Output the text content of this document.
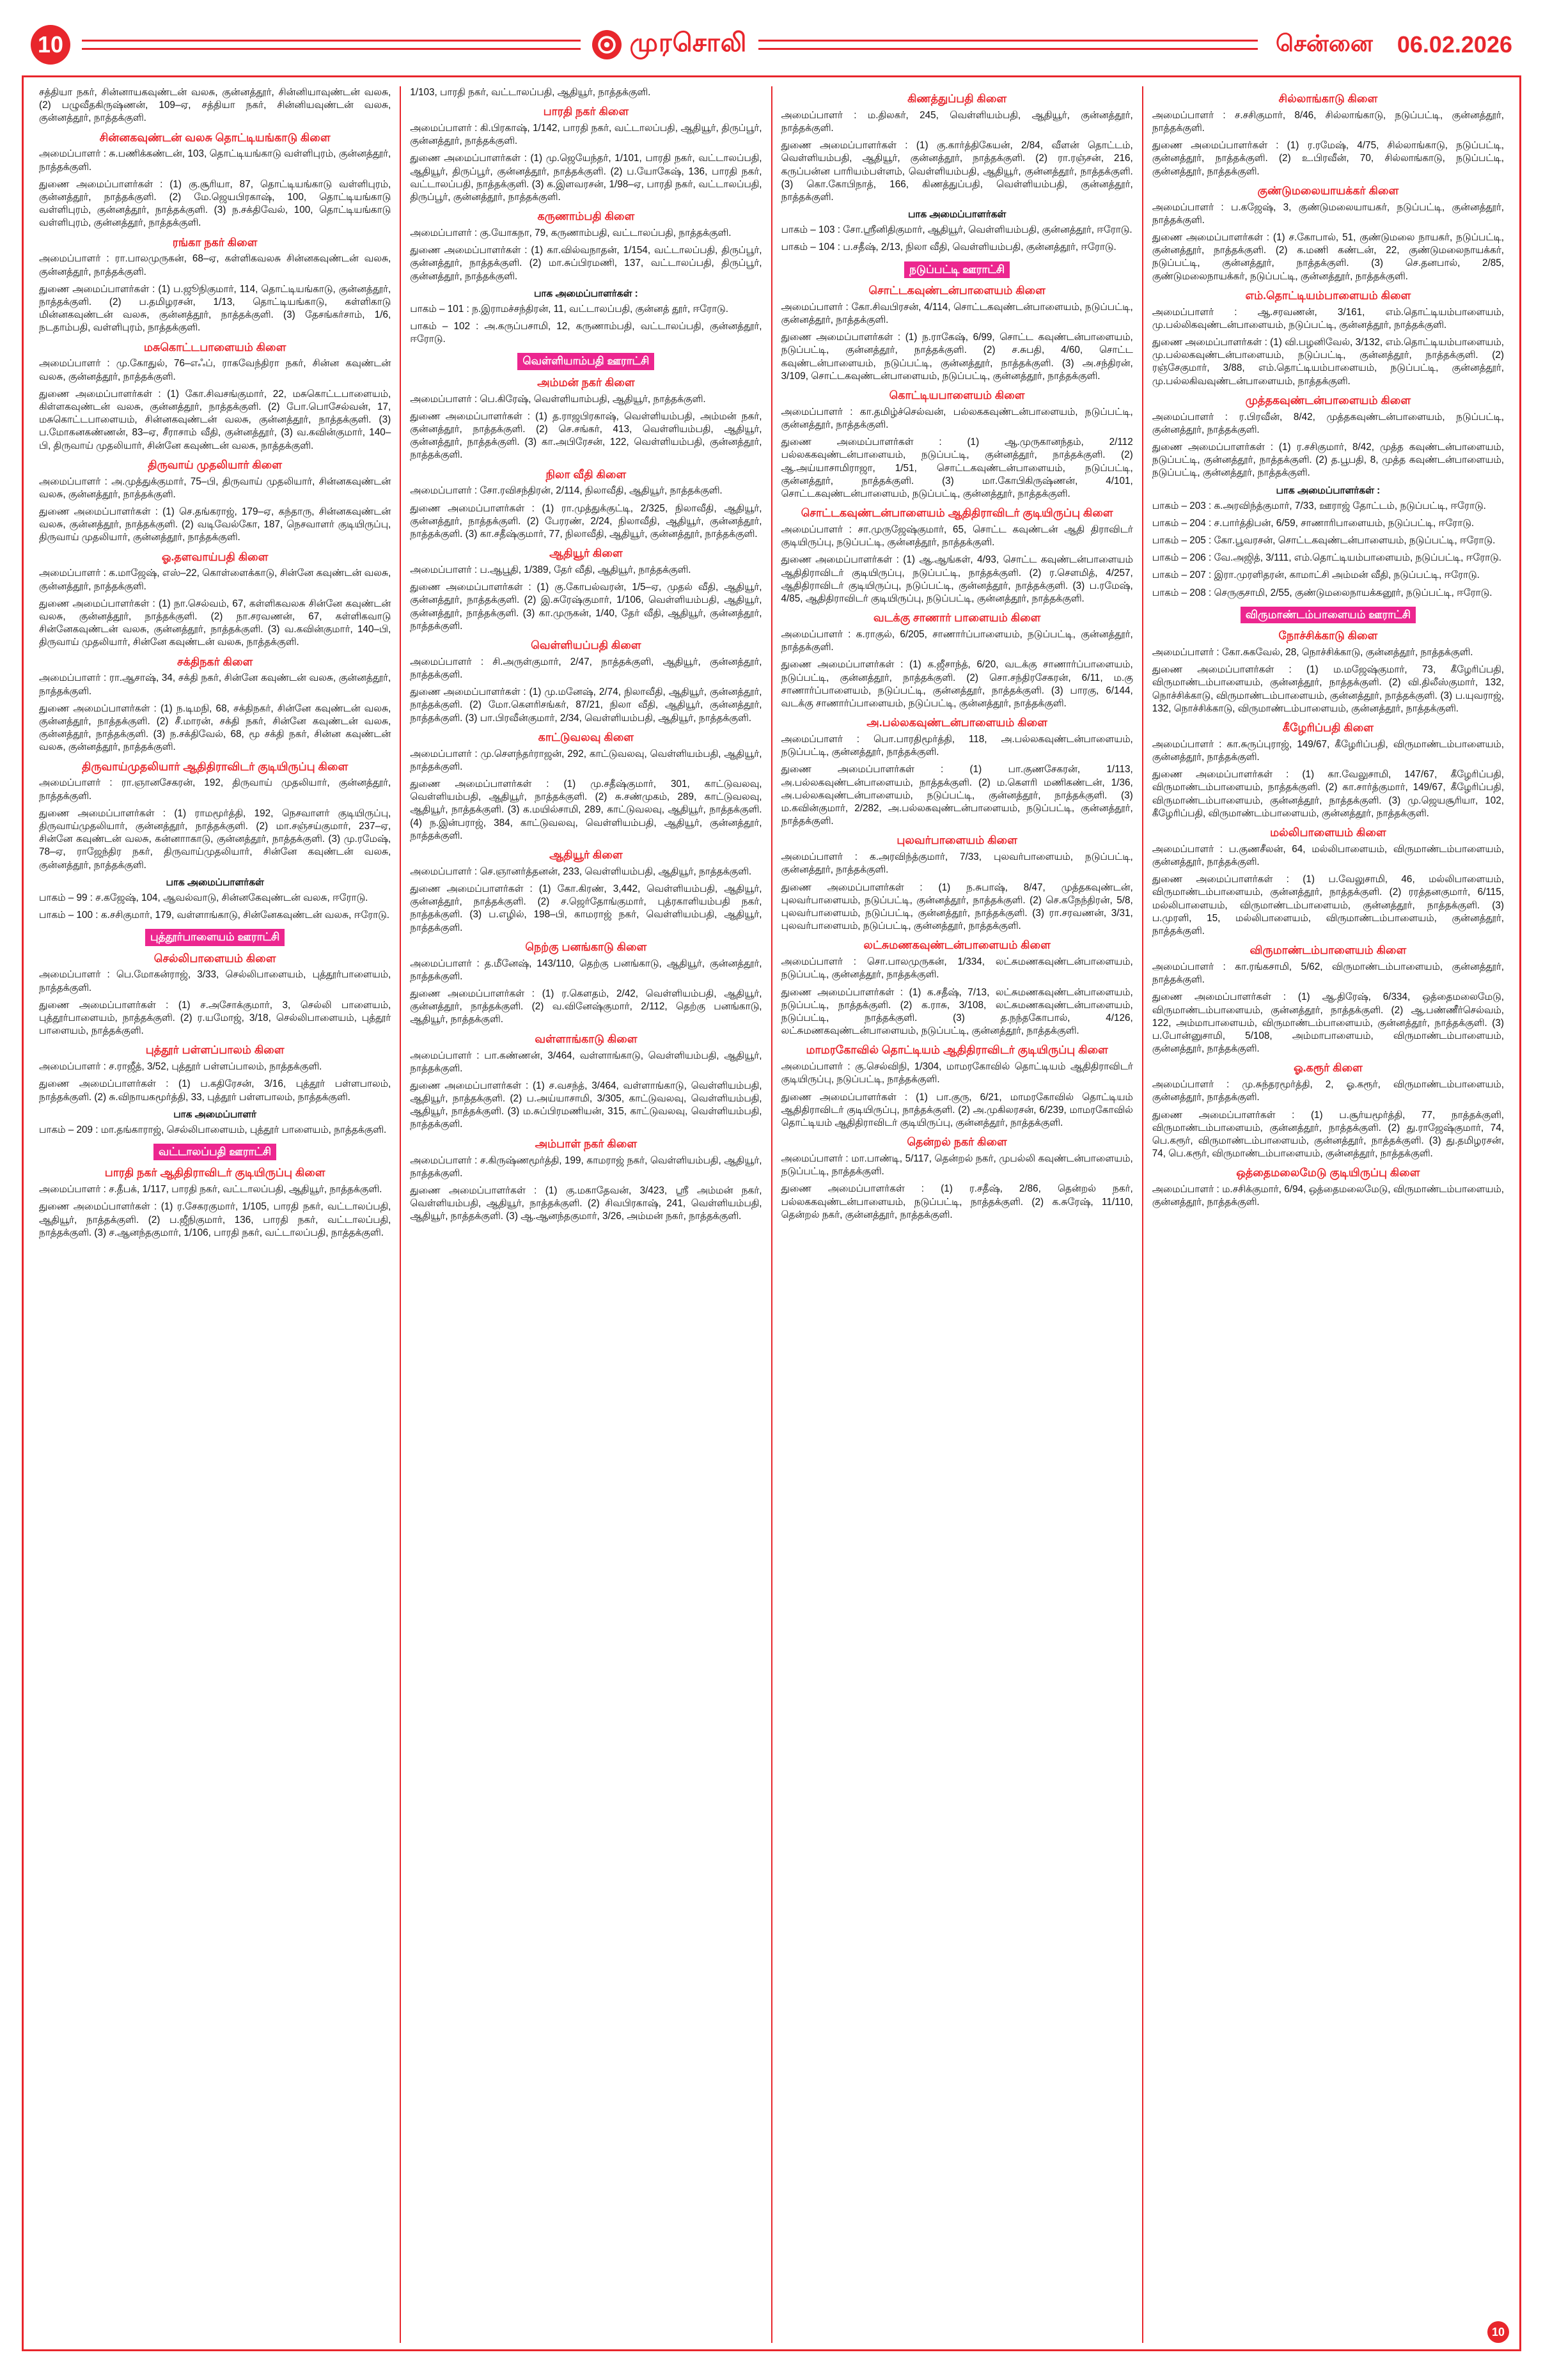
10	முரசொலி	சென்னை 06.02.2026
சத்தியா நகர், சின்னாயகவுண்டன் வலசு, குன்னத்தூர், சின்னியாவுண்டன் வலசு, (2) பழுவீதகிருஷ்ணன், 109–ஏ, சத்தியா நகர், சின்னியவுண்டன் வலசு, குன்னத்தூர், நாத்தக்குளி.
சின்னகவுண்டன் வலசு தொட்டியங்காடு கிளை
அமைப்பாளர் : சு.பணிக்கண்டன், 103, தொட்டியங்காடு வள்ளிபுரம், குன்னத்தூர், நாத்தக்குளி.
துணை அமைப்பாளர்கள் : (1) கு.சூரியா, 87, தொட்டியங்காடு வள்ளிபுரம், குன்னத்தூர், நாத்தக்குளி. (2) மே.ஜெயபிரகாஷ், 100, தொட்டியங்காடு வள்ளிபுரம், குன்னத்தூர், நாத்தக்குளி. (3) ந.சக்திவேல், 100, தொட்டியங்காடு வள்ளிபுரம், குன்னத்தூர், நாத்தக்குளி.
ரங்கா நகர் கிளை
அமைப்பாளர் : ரா.பாலமுருகன், 68–ஏ, கள்ளிகவலசு சின்னகவுண்டன் வலசு, குன்னத்தூர், நாத்தக்குளி.
துணை அமைப்பாளர்கள் : (1) ப.ஜூநிகுமார், 114, தொட்டியங்காடு, குன்னத்தூர், நாத்தக்குளி. (2) ப.தமிழரசன், 1/13, தொட்டியங்காடு, கள்ளிகாடு மின்னகவுண்டன் வலசு, குன்னத்தூர், நாத்தக்குளி. (3) தேசங்கர்சாம், 1/6, நடதாம்பதி, வள்ளிபுரம், நாத்தக்குளி.
மசுகொட்டபாளையம் கிளை
அமைப்பாளர் : மு.கோதுல், 76–எஃப், ராகவேந்திரா நகர், சின்ன கவுண்டன் வலசு, குன்னத்தூர், நாத்தக்குளி.
துணை அமைப்பாளர்கள் : (1) கோ.சிவசங்குமார், 22, மசுகொட்டபாளையம், கிள்ளகவுண்டன் வலசு, குன்னத்தூர், நாத்தக்குளி. (2) போ.பொசேல்வன், 17, மசுகொட்டபாளையம், சின்னகவுண்டன் வலசு, குன்னத்தூர், நாத்தக்குளி. (3) ப.மோகனகண்ணன், 83–ஏ, சீராசாம் வீதி, குன்னத்தூர், (3) வ.கவின்குமார், 140–பி, திருவாய் முதலியார், சின்னே கவுண்டன் வலசு, நாத்தக்குளி.
திருவாய் முதலியார் கிளை
அமைப்பாளர் : அ.முத்துக்குமார், 75–பி, திருவாய் முதலியார், சின்னகவுண்டன் வலசு, குன்னத்தூர், நாத்தக்குளி.
துணை அமைப்பாளர்கள் : (1) செ.தங்கராஜ், 179–ஏ, கந்தாரு, சின்னகவுண்டன் வலசு, குன்னத்தூர், நாத்தக்குளி. (2) வடிவேல்கோ, 187, நெசவாளர் குடியிருப்பு, திருவாய் முதலியார், குன்னத்தூர், நாத்தக்குளி.
ஓ.தளவாய்பதி கிளை
அமைப்பாளர் : க.மாஜேஷ், எஸ்–22, கொள்ளைக்காடு, சின்னே கவுண்டன் வலசு, குன்னத்தூர், நாத்தக்குளி.
துணை அமைப்பாளர்கள் : (1) நா.செல்வம், 67, கள்ளிகவலசு சின்னே கவுண்டன் வலசு, குன்னத்தூர், நாத்தக்குளி. (2) நா.சரவணன், 67, கள்ளிகவாடு சின்னேகவுண்டன் வலசு, குன்னத்தூர், நாத்தக்குளி. (3) வ.கவின்குமார், 140–பி, திருவாய் முதலியார், சின்னே கவுண்டன் வலசு, நாத்தக்குளி.
சக்திநகர் கிளை
அமைப்பாளர் : ரா.ஆசாஷ், 34, சக்தி நகர், சின்னே கவுண்டன் வலசு, குன்னத்தூர், நாத்தக்குளி.
துணை அமைப்பாளர்கள் : (1) ந.டிமநி, 68, சக்திநகர், சின்னே கவுண்டன் வலசு, குன்னத்தூர், நாத்தக்குளி. (2) சீ.மாரன், சக்தி நகர், சின்னே கவுண்டன் வலசு, குன்னத்தூர், நாத்தக்குளி. (3) ந.சக்திவேல், 68, மூ சக்தி நகர், சின்ன கவுண்டன் வலசு, குன்னத்தூர், நாத்தக்குளி.
திருவாய்முதலியார் ஆதிதிராவிடர் குடியிருப்பு கிளை
அமைப்பாளர் : ரா.ஞானசேகரன், 192, திருவாய் முதலியார், குன்னத்தூர், நாத்தக்குளி.
துணை அமைப்பாளர்கள் : (1) ராமமூர்த்தி, 192, நெசவாளர் குடியிருப்பு, திருவாய்முதலியார், குன்னத்தூர், நாத்தக்குளி. (2) மா.சஞ்சய்குமார், 237–ஏ, சின்னே கவுண்டன் வலசு, கன்னாாகாடு, குன்னத்தூர், நாத்தக்குளி. (3) மு.ரமேஷ், 78–ஏ, ராஜேந்திர நகர், திருவாய்முதலியார், சின்னே கவுண்டன் வலசு, குன்னத்தூர், நாத்தக்குளி.
பாக அமைப்பாளர்கள்
பாகம் – 99 : ச.கஜேஷ், 104, ஆவல்வாடு, சின்னகேவுண்டன் வலசு, ஈரோடு.
பாகம் – 100 : க.சசிகுமார், 179, வள்ளாங்காடு, சின்னேகவுண்டன் வலசு, ஈரோடு.
புத்தூர்பாளையம் ஊராட்சி
செல்லிபாளையம் கிளை
அமைப்பாளர் : பெ.மோகன்ராஜ், 3/33, செல்லிபாளையம், புத்தூர்பாளையம், நாத்தக்குளி.
துணை அமைப்பாளர்கள் : (1) ச.அசோக்குமார், 3, செல்லி பாளையம், புத்தூர்பாளையம், நாத்தக்குளி. (2) ர.யமோஜ், 3/18, செல்லிபாளையம், புத்தூர் பாளையம், நாத்தக்குளி.
புத்தூர் பள்ளப்பாலம் கிளை
அமைப்பாளர் : ச.ராஜீத், 3/52, புத்தூர் பள்ளப்பாலம், நாத்தக்குளி.
துணை அமைப்பாளர்கள் : (1) ப.கதிரேசன், 3/16, புத்தூர் பள்ளபாலம், நாத்தக்குளி. (2) சு.விநாயகமூர்த்தி, 33, புத்தூர் பள்ளபாலம், நாத்தக்குளி.
பாக அமைப்பாளர்
பாகம் – 209 : மா.தங்காராஜ், செல்லிபாளையம், புத்தூர் பாளையம், நாத்தக்குளி.
வட்டாலப்பதி ஊராட்சி
பாரதி நகர் ஆதிதிராவிடர் குடியிருப்பு கிளை
அமைப்பாளர் : ச.தீபக், 1/117, பாரதி நகர், வட்டாலப்பதி, ஆதியூர், நாத்தக்குளி.
துணை அமைப்பாளர்கள் : (1) ர.சேகரகுமார், 1/105, பாரதி நகர், வட்டாலப்பதி, ஆதியூர், நாத்தக்குளி. (2) ப.ஜீநிகுமார், 136, பாரதி நகர், வட்டாலப்பதி, நாத்தக்குளி. (3) ச.ஆனந்தகுமார், 1/106, பாரதி நகர், வட்டாலப்பதி, நாத்தக்குளி.
1/103, பாரதி நகர், வட்டாலப்பதி, ஆதியூர், நாத்தக்குளி.
பாரதி நகர் கிளை
அமைப்பாளர் : கி.பிரகாஷ், 1/142, பாரதி நகர், வட்டாலப்பதி, ஆதியூர், திருப்பூர், குன்னத்தூர், நாத்தக்குளி.
துணை அமைப்பாளர்கள் : (1) மு.ஜெயேந்தர், 1/101, பாரதி நகர், வட்டாலப்பதி, ஆதியூர், திருப்பூர், குன்னத்தூர், நாத்தக்குளி. (2) ப.யோகேஷ், 136, பாரதி நகர், வட்டாலப்பதி, நாத்தக்குளி. (3) க.இளவரசன், 1/98–ஏ, பாரதி நகர், வட்டாலப்பதி, திருப்பூர், குன்னத்தூர், நாத்தக்குளி.
கருணாம்பதி கிளை
அமைப்பாளர் : கு.யோகநா, 79, கருணாம்பதி, வட்டாலப்பதி, நாத்தக்குளி.
துணை அமைப்பாளர்கள் : (1) கா.வில்வநாதன், 1/154, வட்டாலப்பதி, திருப்பூர், குன்னத்தூர், நாத்தக்குளி. (2) மா.சுப்பிரமணி, 137, வட்டாலப்பதி, திருப்பூர், குன்னத்தூர், நாத்தக்குளி.
பாக அமைப்பாளர்கள் :
பாகம் – 101 : ந.இராமச்சந்திரன், 11, வட்டாலப்பதி, குன்னத் தூர், ஈரோடு.
பாகம் – 102 : அ.கருப்பசாமி, 12, கருணாம்பதி, வட்டாலப்பதி, குன்னத்தூர், ஈரோடு.
வெள்ளியாம்பதி ஊராட்சி
அம்மன் நகர் கிளை
அமைப்பாளர் : பெ.கிரேஷ், வெள்ளியாம்பதி, ஆதியூர், நாத்தக்குளி.
துணை அமைப்பாளர்கள் : (1) த.ராஜபிரகாஷ், வெள்ளியம்பதி, அம்மன் நகர், குன்னத்தூர், நாத்தக்குளி. (2) செ.சங்கர், 413, வெள்ளியம்பதி, ஆதியூர், குன்னத்தூர், நாத்தக்குளி. (3) கா.அபிரேசன், 122, வெள்ளியம்பதி, குன்னத்தூர், நாத்தக்குளி.
நிலா வீதி கிளை
அமைப்பாளர் : சோ.ரவிசந்திரன், 2/114, நிலாவீதி, ஆதியூர், நாத்தக்குளி.
துணை அமைப்பாளர்கள் : (1) ரா.முத்துக்குட்டி, 2/325, நிலாவீதி, ஆதியூர், குன்னத்தூர், நாத்தக்குளி. (2) பேரரண், 2/24, நிலாவீதி, ஆதியூர், குன்னத்தூர், நாத்தக்குளி. (3) கா.சதீஷ்குமார், 77, நிலாவீதி, ஆதியூர், குன்னத்தூர், நாத்தக்குளி.
ஆதியூர் கிளை
அமைப்பாளர் : ப.ஆபூதி, 1/389, தேர் வீதி, ஆதியூர், நாத்தக்குளி.
துணை அமைப்பாளர்கள் : (1) கு.கோபல்வரன், 1/5–ஏ, முதல் வீதி, ஆதியூர், குன்னத்தூர், நாத்தக்குளி. (2) இ.சுரேஷ்குமார், 1/106, வெள்ளியம்பதி, ஆதியூர், குன்னத்தூர், நாத்தக்குளி. (3) கா.முருகன், 1/40, தேர் வீதி, ஆதியூர், குன்னத்தூர், நாத்தக்குளி.
வெள்ளியப்பதி கிளை
அமைப்பாளர் : சி.அருள்குமார், 2/47, நாத்தக்குளி, ஆதியூர், குன்னத்தூர், நாத்தக்குளி.
துணை அமைப்பாளர்கள் : (1) மு.மனேஷ், 2/74, நிலாவீதி, ஆதியூர், குன்னத்தூர், நாத்தக்குளி. (2) மோ.கௌரிசங்கர், 87/21, நிலா வீதி, ஆதியூர், குன்னத்தூர், நாத்தக்குளி. (3) பா.பிரவீன்குமார், 2/34, வெள்ளியம்பதி, ஆதியூர், நாத்தக்குளி.
காட்டுவலவு கிளை
அமைப்பாளர் : மு.சௌந்தர்ராஜன், 292, காட்டுவலவு, வெள்ளியம்பதி, ஆதியூர், நாத்தக்குளி.
துணை அமைப்பாளர்கள் : (1) மு.சதீஷ்குமார், 301, காட்டுவலவு, வெள்ளியம்பதி, ஆதியூர், நாத்தக்குளி. (2) சு.சண்முகம், 289, காட்டுவலவு, ஆதியூர், நாத்தக்குளி. (3) க.மயில்சாமி, 289, காட்டுவலவு, ஆதியூர், நாத்தக்குளி. (4) ந.இன்பராஜ், 384, காட்டுவலவு, வெள்ளியம்பதி, ஆதியூர், குன்னத்தூர், நாத்தக்குளி.
ஆதியூர் கிளை
அமைப்பாளர் : செ.ஞானர்த்தனன், 233, வெள்ளியம்பதி, ஆதியூர், நாத்தக்குளி.
துணை அமைப்பாளர்கள் : (1) கோ.கிரண், 3,442, வெள்ளியம்பதி, ஆதியூர், குன்னத்தூர், நாத்தக்குளி. (2) ச.ஜெர்தோங்குமார், புத்ரகாளியம்பதி நகர், நாத்தக்குளி. (3) ப.எழில், 198–பி, காமராஜ் நகர், வெள்ளியம்பதி, ஆதியூர், நாத்தக்குளி.
நெற்கு பனங்காடு கிளை
அமைப்பாளர் : த.மீனேஷ், 143/110, தெற்கு பனங்காடு, ஆதியூர், குன்னத்தூர், நாத்தக்குளி.
துணை அமைப்பாளர்கள் : (1) ர.கௌதம், 2/42, வெள்ளியம்பதி, ஆதியூர், குன்னத்தூர், நாத்தக்குளி. (2) வ.வினேஷ்குமார், 2/112, தெற்கு பனங்காடு, ஆதியூர், நாத்தக்குளி.
வள்ளாங்காடு கிளை
அமைப்பாளர் : பா.கண்ணன், 3/464, வள்ளாங்காடு, வெள்ளியம்பதி, ஆதியூர், நாத்தக்குளி.
துணை அமைப்பாளர்கள் : (1) ச.வசந்த், 3/464, வள்ளாங்காடு, வெள்ளியம்பதி, ஆதியூர், நாத்தக்குளி. (2) ப.அய்யாசாமி, 3/305, காட்டுவலவு, வெள்ளியம்பதி, ஆதியூர், நாத்தக்குளி. (3) ம.சுப்பிரமணியன், 315, காட்டுவலவு, வெள்ளியம்பதி, நாத்தக்குளி.
அம்பாள் நகர் கிளை
அமைப்பாளர் : ச.கிருஷ்ணமூர்த்தி, 199, காமராஜ் நகர், வெள்ளியம்பதி, ஆதியூர், நாத்தக்குளி.
துணை அமைப்பாளர்கள் : (1) கு.மகாதேவன், 3/423, ஸ்ரீ அம்மன் நகர், வெள்ளியம்பதி, ஆதியூர், நாத்தக்குளி. (2) சிவபிரகாஷ், 241, வெள்ளியம்பதி, ஆதியூர், நாத்தக்குளி. (3) ஆ.ஆனந்தகுமார், 3/26, அம்மன் நகர், நாத்தக்குளி.
கிணத்துப்பதி கிளை
அமைப்பாளர் : ம.திலகர், 245, வெள்ளியம்பதி, ஆதியூர், குன்னத்தூர், நாத்தக்குளி.
துணை அமைப்பாளர்கள் : (1) கு.கார்த்திகேயன், 2/84, வீளன் தொட்டம், வெள்ளியம்பதி, ஆதியூர், குன்னத்தூர், நாத்தக்குளி. (2) ரா.ரஞ்சன், 216, கருப்பன்ன பாரியம்பள்ளம், வெள்ளியம்பதி, ஆதியூர், குன்னத்தூர், நாத்தக்குளி. (3) கொ.கோபிநாத், 166, கிணத்துப்பதி, வெள்ளியம்பதி, குன்னத்தூர், நாத்தக்குளி.
பாக அமைப்பாளர்கள்
பாகம் – 103 : சோ.ஸ்ரீனிதிகுமார், ஆதியூர், வெள்ளியம்பதி, குன்னத்தூர், ஈரோடு.
பாகம் – 104 : ப.சதீஷ், 2/13, நிலா வீதி, வெள்ளியம்பதி, குன்னத்தூர், ஈரோடு.
நடுப்பட்டி ஊராட்சி
சொட்டகவுண்டன்பாளையம் கிளை
அமைப்பாளர் : கோ.சிவபிரசன், 4/114, சொட்டகவுண்டன்பாளையம், நடுப்பட்டி, குன்னத்தூர், நாத்தக்குளி.
துணை அமைப்பாளர்கள் : (1) ந.ராகேஷ், 6/99, சொட்ட கவுண்டன்பாளையம், நடுப்பட்டி, குன்னத்தூர், நாத்தக்குளி. (2) ச.சுபதி, 4/60, சொட்ட கவுண்டன்பாளையம், நடுப்பட்டி, குன்னத்தூர், நாத்தக்குளி. (3) அ.சந்திரன், 3/109, சொட்டகவுண்டன்பாளையம், நடுப்பட்டி, குன்னத்தூர், நாத்தக்குளி.
கொட்டியபாளையம் கிளை
அமைப்பாளர் : கா.தமிழ்ச்செல்வன், பல்லககவுண்டன்பாளையம், நடுப்பட்டி, குன்னத்தூர், நாத்தக்குளி.
துணை அமைப்பாளர்கள் : (1) ஆ.முருகானந்தம், 2/112 பல்லககவுண்டன்பாளையம், நடுப்பட்டி, குன்னத்தூர், நாத்தக்குளி. (2) ஆ.அய்யாசாமிராஜா, 1/51, சொட்டகவுண்டன்பாளையம், நடுப்பட்டி, குன்னத்தூர், நாத்தக்குளி. (3) மா.கோபிகிருஷ்ணன், 4/101, சொட்டகவுண்டன்பாளையம், நடுப்பட்டி, குன்னத்தூர், நாத்தக்குளி.
சொட்டகவுண்டன்பாளையம் ஆதிதிராவிடர் குடியிருப்பு கிளை
அமைப்பாளர் : சா.முருஜேஷ்குமார், 65, சொட்ட கவுண்டன் ஆதி திராவிடர் குடியிருப்பு, நடுப்பட்டி, குன்னத்தூர், நாத்தக்குளி.
துணை அமைப்பாளர்கள் : (1) ஆ.ஆங்கள், 4/93, சொட்ட கவுண்டன்பாளையம் ஆதிதிராவிடர் குடியிருப்பு, நடுப்பட்டி, நாத்தக்குளி. (2) ர.சௌமித், 4/257, ஆதிதிராவிடர் குடியிருப்பு, நடுப்பட்டி, குன்னத்தூர், நாத்தக்குளி. (3) ப.ரமேஷ், 4/85, ஆதிதிராவிடர் குடியிருப்பு, நடுப்பட்டி, குன்னத்தூர், நாத்தக்குளி.
வடக்கு சாணார் பாளையம் கிளை
அமைப்பாளர் : க.ராகுல், 6/205, சாணார்ப்பாளையம், நடுப்பட்டி, குன்னத்தூர், நாத்தக்குளி.
துணை அமைப்பாளர்கள் : (1) க.ஜீசாந்த், 6/20, வடக்கு சாணார்ப்பாளையம், நடுப்பட்டி, குன்னத்தூர், நாத்தக்குளி. (2) சொ.சந்திரசேகரன், 6/11, ம.கு சாணார்ப்பாளையம், நடுப்பட்டி, குன்னத்தூர், நாத்தக்குளி. (3) பாரகு, 6/144, வடக்கு சாணார்ப்பாளையம், நடுப்பட்டி, குன்னத்தூர், நாத்தக்குளி.
அ.பல்லகவுண்டன்பாளையம் கிளை
அமைப்பாளர் : பொ.பாரதிமூர்த்தி, 118, அ.பல்லகவுண்டன்பாளையம், நடுப்பட்டி, குன்னத்தூர், நாத்தக்குளி.
துணை அமைப்பாளர்கள் : (1) பா.குணசேகரன், 1/113, அ.பல்லகவுண்டன்பாளையம், நாத்தக்குளி. (2) ம.கௌரி மணிகண்டன், 1/36, அ.பல்லகவுண்டன்பாளையம், நடுப்பட்டி, குன்னத்தூர், நாத்தக்குளி. (3) ம.கவின்குமார், 2/282, அ.பல்லகவுண்டன்பாளையம், நடுப்பட்டி, குன்னத்தூர், நாத்தக்குளி.
புலவர்பாளையம் கிளை
அமைப்பாளர் : க.அரவிந்த்குமார், 7/33, புலவர்பாளையம், நடுப்பட்டி, குன்னத்தூர், நாத்தக்குளி.
துணை அமைப்பாளர்கள் : (1) ந.சுபாஷ், 8/47, முத்தகவுண்டன், புலவர்பாளையம், நடுப்பட்டி, குன்னத்தூர், நாத்தக்குளி. (2) செ.கநேந்திரன், 5/8, புலவர்பாளையம், நடுப்பட்டி, குன்னத்தூர், நாத்தக்குளி. (3) ரா.சரவணன், 3/31, புலவர்பாளையம், நடுப்பட்டி, குன்னத்தூர், நாத்தக்குளி.
லட்சுமணகவுண்டன்பாளையம் கிளை
அமைப்பாளர் : சொ.பாலமுருகன், 1/334, லட்சுமணகவுண்டன்பாளையம், நடுப்பட்டி, குன்னத்தூர், நாத்தக்குளி.
துணை அமைப்பாளர்கள் : (1) க.சதீஷ், 7/13, லட்சுமணகவுண்டன்பாளையம், நடுப்பட்டி, நாத்தக்குளி. (2) க.ராசு, 3/108, லட்சுமணகவுண்டன்பாளையம், நடுப்பட்டி, நாத்தக்குளி. (3) த.நந்தகோபால், 4/126, லட்சுமணகவுண்டன்பாளையம், நடுப்பட்டி, குன்னத்தூர், நாத்தக்குளி.
மாமரகோவில் தொட்டியம் ஆதிதிராவிடர் குடியிருப்பு கிளை
அமைப்பாளர் : கு.செல்விநி, 1/304, மாமரகோவில் தொட்டியம் ஆதிதிராவிடர் குடியிருப்பு, நடுப்பட்டி, நாத்தக்குளி.
துணை அமைப்பாளர்கள் : (1) பா.குரு, 6/21, மாமரகோவில் தொட்டியம் ஆதிதிராவிடர் குடியிருப்பு, நாத்தக்குளி. (2) அ.முகிலரசன், 6/239, மாமரகோவில் தொட்டியம் ஆதிதிராவிடர் குடியிருப்பு, குன்னத்தூர், நாத்தக்குளி.
தென்றல் நகர் கிளை
அமைப்பாளர் : மா.பாண்டி, 5/117, தென்றல் நகர், முபல்லி கவுண்டன்பாளையம், நடுப்பட்டி, நாத்தக்குளி.
துணை அமைப்பாளர்கள் : (1) ர.சதீஷ், 2/86, தென்றல் நகர், பல்லககவுண்டன்பாளையம், நடுப்பட்டி, நாத்தக்குளி. (2) க.சுரேஷ், 11/110, தென்றல் நகர், குன்னத்தூர், நாத்தக்குளி.
சில்லாங்காடு கிளை
அமைப்பாளர் : ச.சசிகுமார், 8/46, சில்லாங்காடு, நடுப்பட்டி, குன்னத்தூர், நாத்தக்குளி.
துணை அமைப்பாளர்கள் : (1) ர.ரமேஷ், 4/75, சில்லாங்காடு, நடுப்பட்டி, குன்னத்தூர், நாத்தக்குளி. (2) உ.பிரவீன், 70, சில்லாங்காடு, நடுப்பட்டி, குன்னத்தூர், நாத்தக்குளி.
குண்டுமலையாயக்கர் கிளை
அமைப்பாளர் : ப.கஜேஷ், 3, குண்டுமலையாயகர், நடுப்பட்டி, குன்னத்தூர், நாத்தக்குளி.
துணை அமைப்பாளர்கள் : (1) ச.கோபால், 51, குண்டுமலை நாயகர், நடுப்பட்டி, குன்னத்தூர், நாத்தக்குளி. (2) க.மணி கண்டன், 22, குண்டுமலைநாயக்கர், நடுப்பட்டி, குன்னத்தூர், நாத்தக்குளி. (3) செ.தனபால், 2/85, குண்டுமலைநாயக்கர், நடுப்பட்டி, குன்னத்தூர், நாத்தக்குளி.
எம்.தொட்டியம்பாளையம் கிளை
அமைப்பாளர் : ஆ.சரவணன், 3/161, எம்.தொட்டியம்பாளையம், மு.பல்லிகவுண்டன்பாளையம், நடுப்பட்டி, குன்னத்தூர், நாத்தக்குளி.
துணை அமைப்பாளர்கள் : (1) வி.பழனிவேல், 3/132, எம்.தொட்டியம்பாளையம், மு.பல்லகவுண்டன்பாளையம், நடுப்பட்டி, குன்னத்தூர், நாத்தக்குளி. (2) ரஞ்சேகுமார், 3/88, எம்.தொட்டியம்பாளையம், நடுப்பட்டி, குன்னத்தூர், மு.பல்லகிவவுண்டன்பாளையம், நாத்தக்குளி.
முத்தகவுண்டன்பாளையம் கிளை
அமைப்பாளர் : ர.பிரவீன், 8/42, முத்தகவுண்டன்பாளையம், நடுப்பட்டி, குன்னத்தூர், நாத்தக்குளி.
துணை அமைப்பாளர்கள் : (1) ர.சசிகுமார், 8/42, முத்த கவுண்டன்பாளையம், நடுப்பட்டி, குன்னத்தூர், நாத்தக்குளி. (2) த.பூபதி, 8, முத்த கவுண்டன்பாளையம், நடுப்பட்டி, குன்னத்தூர், நாத்தக்குளி.
பாக அமைப்பாளர்கள் :
பாகம் – 203 : க.அரவிந்த்குமார், 7/33, ஊராஜ் தோட்டம், நடுப்பட்டி, ஈரோடு.
பாகம் – 204 : ச.பார்த்திபன், 6/59, சாணாரிபாளையம், நடுப்பட்டி, ஈரோடு.
பாகம் – 205 : கோ.பூவரசன், சொட்டகவுண்டன்பாளையம், நடுப்பட்டி, ஈரோடு.
பாகம் – 206 : வே.அஜித், 3/111, எம்.தொட்டியம்பாளையம், நடுப்பட்டி, ஈரோடு.
பாகம் – 207 : இரா.முரளிதரன், காமாட்சி அம்மன் வீதி, நடுப்பட்டி, ஈரோடு.
பாகம் – 208 : செருகுசாமி, 2/55, குண்டுமலைநாயக்கனூர், நடுப்பட்டி, ஈரோடு.
விருமாண்டம்பாளையம் ஊராட்சி
நோச்சிக்காடு கிளை
அமைப்பாளர் : கோ.சுகவேல், 28, நொச்சிக்காடு, குன்னத்தூர், நாத்தக்குளி.
துணை அமைப்பாளர்கள் : (1) ம.மஜேஷ்குமார், 73, கீழேரிப்பதி, விருமாண்டம்பாளையம், குன்னத்தூர், நாத்தக்குளி. (2) வி.திலீஸ்குமார், 132, நொச்சிக்காடு, விருமாண்டம்பாளையம், குன்னத்தூர், நாத்தக்குளி. (3) ப.யுவராஜ், 132, நொச்சிக்காடு, விருமாண்டம்பாளையம், குன்னத்தூர், நாத்தக்குளி.
கீழேரிப்பதி கிளை
அமைப்பாளர் : கா.சுருப்புராஜ், 149/67, கீழேரிப்பதி, விருமாண்டம்பாளையம், குன்னத்தூர், நாத்தக்குளி.
துணை அமைப்பாளர்கள் : (1) கா.வேலுசாமி, 147/67, கீழேரிப்பதி, விருமாண்டம்பாளையம், நாத்தக்குளி. (2) கா.சார்த்குமார், 149/67, கீழேரிப்பதி, விருமாண்டம்பாளையம், குன்னத்தூர், நாத்தக்குளி. (3) மு.ஜெயசூரியா, 102, கீழேரிப்பதி, விருமாண்டம்பாளையம், குன்னத்தூர், நாத்தக்குளி.
மல்லிபாளையம் கிளை
அமைப்பாளர் : ப.குணசீலன், 64, மல்லிபாளையம், விருமாண்டம்பாளையம், குன்னத்தூர், நாத்தக்குளி.
துணை அமைப்பாளர்கள் : (1) ப.வேலுசாமி, 46, மல்லிபாளையம், விருமாண்டம்பாளையம், குன்னத்தூர், நாத்தக்குளி. (2) ரரத்தனகுமார், 6/115, மல்லிபாளையம், விருமாண்டம்பாளையம், குன்னத்தூர், நாத்தக்குளி. (3) ப.முரளி, 15, மல்லிபாளையம், விருமாண்டம்பாளையம், குன்னத்தூர், நாத்தக்குளி.
விருமாண்டம்பாளையம் கிளை
அமைப்பாளர் : கா.ரங்கசாமி, 5/62, விருமாண்டம்பாளையம், குன்னத்தூர், நாத்தக்குளி.
துணை அமைப்பாளர்கள் : (1) ஆ.திரேஷ், 6/334, ஒத்தைமலைமேடு, விருமாண்டம்பாளையம், குன்னத்தூர், நாத்தக்குளி. (2) ஆ.பண்ணீர்செல்வம், 122, அம்மாபாளையம், விருமாண்டம்பாளையம், குன்னத்தூர், நாத்தக்குளி. (3) ப.போன்னுசாமி, 5/108, அம்மாபாளையம், விருமாண்டம்பாளையம், குன்னத்தூர், நாத்தக்குளி.
ஓ.கரூர் கிளை
அமைப்பாளர் : மு.சுந்தரமூர்த்தி, 2, ஓ.கரூர், விருமாண்டம்பாளையம், குன்னத்தூர், நாத்தக்குளி.
துணை அமைப்பாளர்கள் : (1) ப.சூர்யமூர்த்தி, 77, நாத்தக்குளி, விருமாண்டம்பாளையம், குன்னத்தூர், நாத்தக்குளி. (2) து.ராஜேஷ்குமார், 74, பெ.கரூர், விருமாண்டம்பாளையம், குன்னத்தூர், நாத்தக்குளி. (3) து.தமிழரசன், 74, பெ.கரூர், விருமாண்டம்பாளையம், குன்னத்தூர், நாத்தக்குளி.
ஒத்தைமலைமேடு குடியிருப்பு கிளை
அமைப்பாளர் : ம.சசிக்குமார், 6/94, ஒத்தைமலைமேடு, விருமாண்டம்பாளையம், குன்னத்தூர், நாத்தக்குளி.
10
